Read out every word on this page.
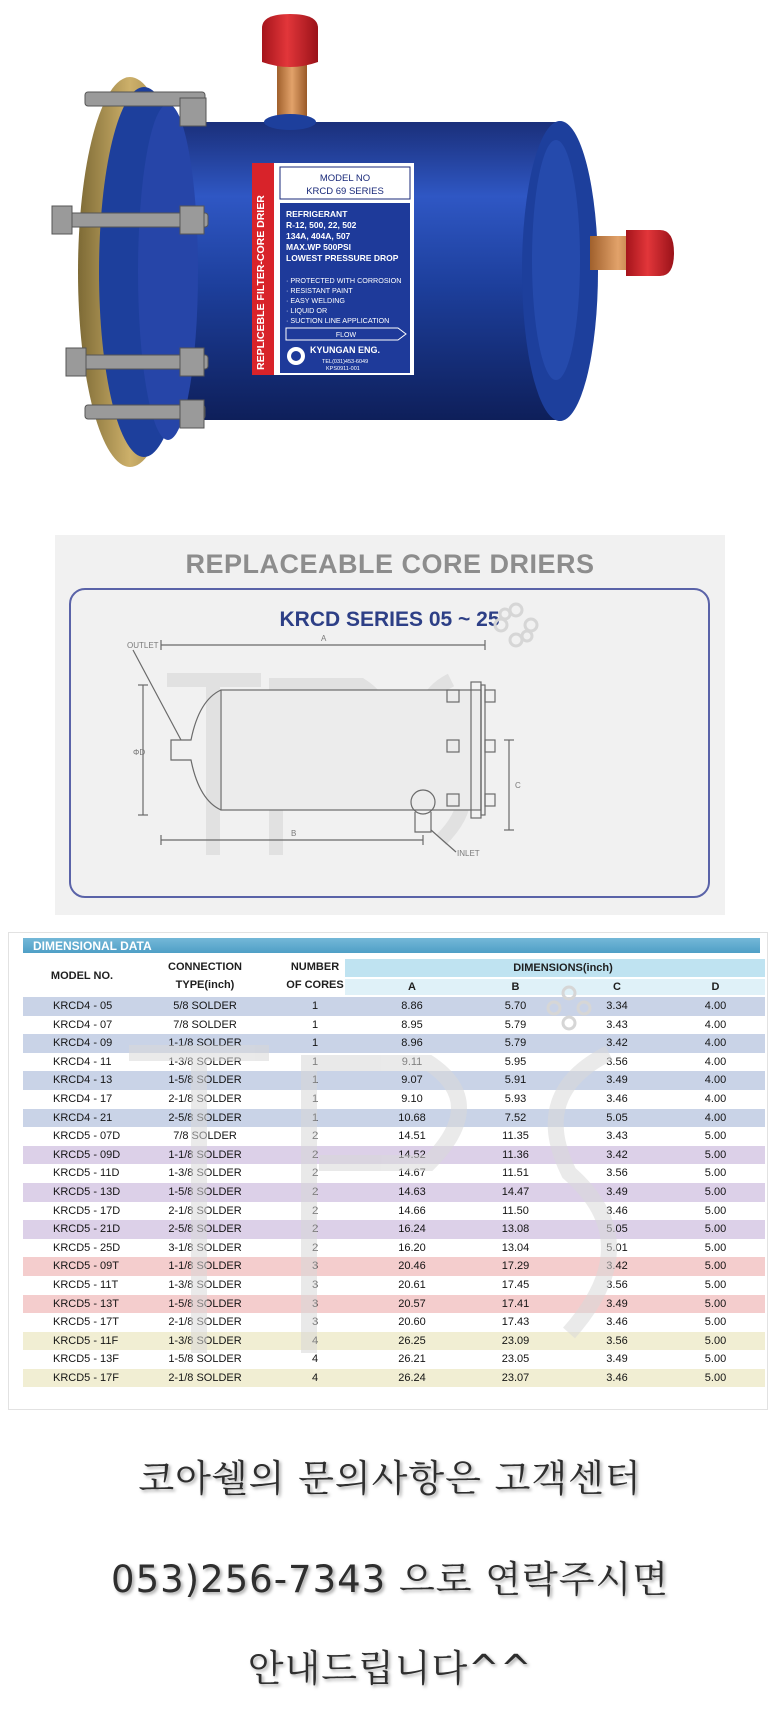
REPLICEBLE FILTER-CORE DRIER
MODEL NO
KRCD 69 SERIES
REFRIGERANT
R-12, 500, 22, 502
134A, 404A, 507
MAX.WP 500PSI
LOWEST PRESSURE DROP
· PROTECTED WITH CORROSION
· RESISTANT PAINT
· EASY WELDING
· LIQUID OR
· SUCTION LINE APPLICATION
FLOW
KYUNGAN ENG.
TEL(031)453-6049
KPS0911-001
REPLACEABLE CORE DRIERS
KRCD SERIES 05 ~ 25
OUTLET
INLET
A
B
C
ΦD
DIMENSIONAL DATA
MODEL NO.
CONNECTION
TYPE(inch)
NUMBER
OF CORES
DIMENSIONS(inch)
A	B	C	D
KRCD4 - 05	5/8 SOLDER	1	8.86	5.70	3.34	4.00
KRCD4 - 07	7/8 SOLDER	1	8.95	5.79	3.43	4.00
KRCD4 - 09	1-1/8 SOLDER	1	8.96	5.79	3.42	4.00
KRCD4 - 11	1-3/8 SOLDER	1	9.11	5.95	3.56	4.00
KRCD4 - 13	1-5/8 SOLDER	1	9.07	5.91	3.49	4.00
KRCD4 - 17	2-1/8 SOLDER	1	9.10	5.93	3.46	4.00
KRCD4 - 21	2-5/8 SOLDER	1	10.68	7.52	5.05	4.00
KRCD5 - 07D	7/8 SOLDER	2	14.51	11.35	3.43	5.00
KRCD5 - 09D	1-1/8 SOLDER	2	14.52	11.36	3.42	5.00
KRCD5 - 11D	1-3/8 SOLDER	2	14.67	11.51	3.56	5.00
KRCD5 - 13D	1-5/8 SOLDER	2	14.63	14.47	3.49	5.00
KRCD5 - 17D	2-1/8 SOLDER	2	14.66	11.50	3.46	5.00
KRCD5 - 21D	2-5/8 SOLDER	2	16.24	13.08	5.05	5.00
KRCD5 - 25D	3-1/8 SOLDER	2	16.20	13.04	5.01	5.00
KRCD5 - 09T	1-1/8 SOLDER	3	20.46	17.29	3.42	5.00
KRCD5 - 11T	1-3/8 SOLDER	3	20.61	17.45	3.56	5.00
KRCD5 - 13T	1-5/8 SOLDER	3	20.57	17.41	3.49	5.00
KRCD5 - 17T	2-1/8 SOLDER	3	20.60	17.43	3.46	5.00
KRCD5 - 11F	1-3/8 SOLDER	4	26.25	23.09	3.56	5.00
KRCD5 - 13F	1-5/8 SOLDER	4	26.21	23.05	3.49	5.00
KRCD5 - 17F	2-1/8 SOLDER	4	26.24	23.07	3.46	5.00
코아쉘의 문의사항은 고객센터
053)256-7343 으로 연락주시면
안내드립니다^^
